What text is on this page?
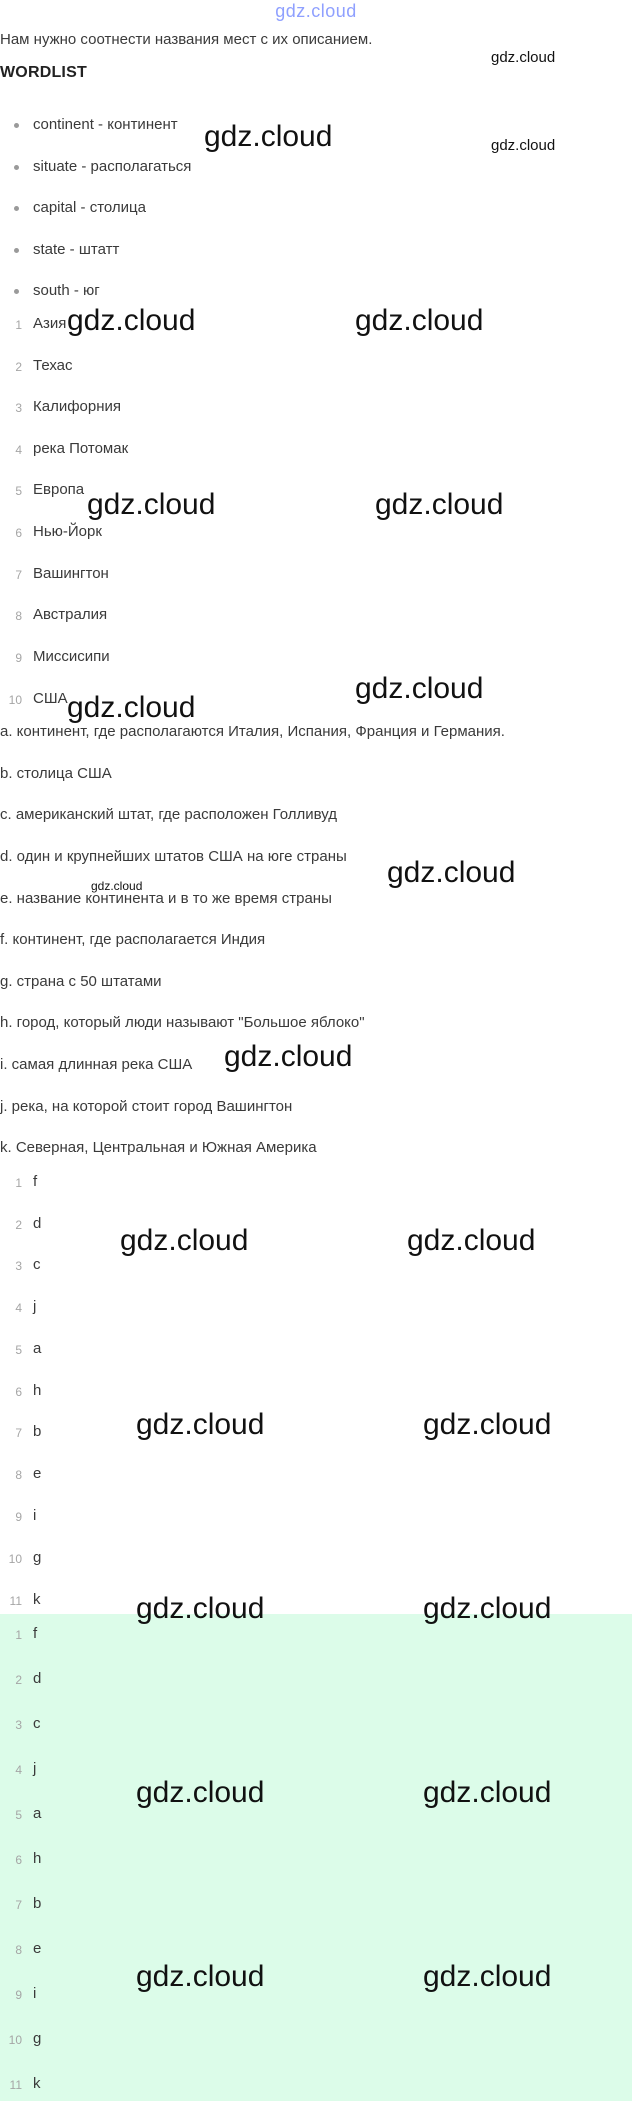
gdz.cloud
Нам нужно соотнести названия мест с их описанием.
WORDLIST
continent - континент
situate - располагаться
capital - столица
state - штатт
south - юг
1 Азия
2 Техас
3 Калифорния
4 река Потомак
5 Европа
6 Нью-Йорк
7 Вашингтон
8 Австралия
9 Миссисипи
10 США
a. континент, где располагаются Италия, Испания, Франция и Германия.
b. столица США
c. американский штат, где расположен Голливуд
d. один и крупнейших штатов США на юге страны
e. название континента и в то же время страны
f. континент, где располагается Индия
g. страна с 50 штатами
h. город, который люди называют "Большое яблоко"
i. самая длинная река США
j. река, на которой стоит город Вашингтон
k. Северная, Центральная и Южная Америка
1 f
2 d
3 c
4 j
5 a
6 h
7 b
8 e
9 i
10 g
11 k
1 f
2 d
3 c
4 j
5 a
6 h
7 b
8 e
9 i
10 g
11 k
gdz.cloud
gdz.cloud	gdz.cloud
gdz.cloud	gdz.cloud
gdz.cloud	gdz.cloud
gdz.cloud
gdz.cloud
gdz.cloud
gdz.cloud
gdz.cloud
gdz.cloud	gdz.cloud
gdz.cloud	gdz.cloud
gdz.cloud	gdz.cloud
gdz.cloud	gdz.cloud
gdz.cloud	gdz.cloud
